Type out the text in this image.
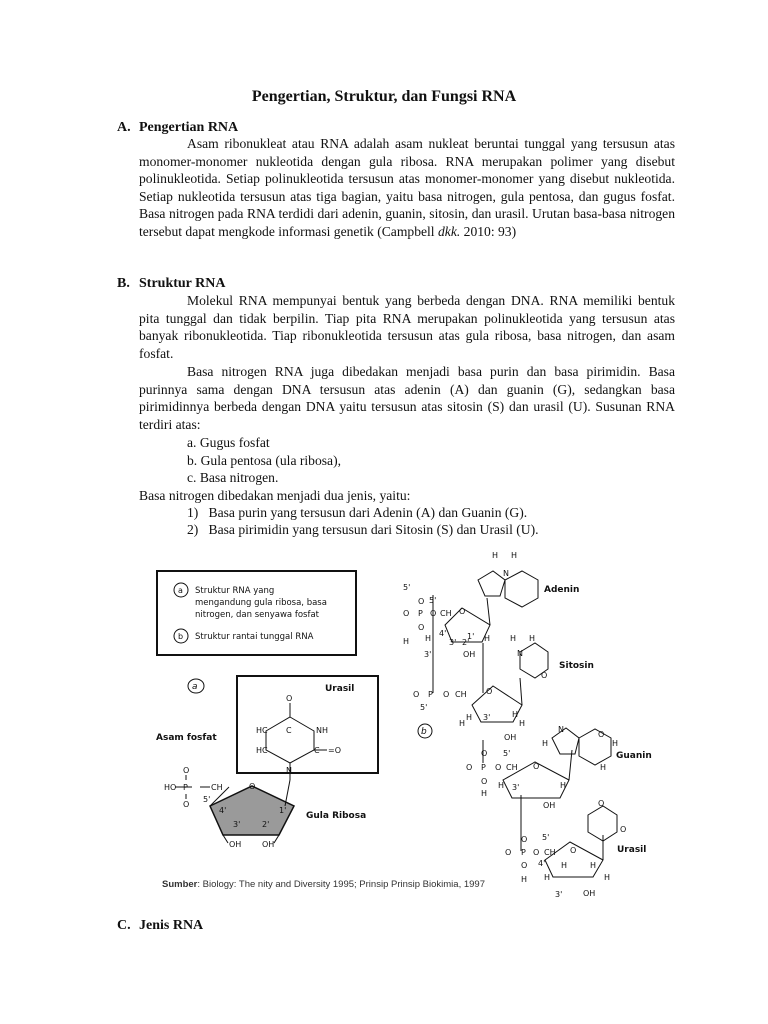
Pengertian, Struktur, dan Fungsi RNA
A. Pengertian RNA
Asam ribonukleat atau RNA adalah asam nukleat beruntai tunggal yang tersusun atas monomer-monomer nukleotida dengan gula ribosa. RNA merupakan polimer yang disebut polinukleotida. Setiap polinukleotida tersusun atas monomer-monomer yang disebut nukleotida. Setiap nukleotida tersusun atas tiga bagian, yaitu basa nitrogen, gula pentosa, dan gugus fosfat. Basa nitrogen pada RNA terdidi dari adenin, guanin, sitosin, dan urasil. Urutan basa-basa nitrogen tersebut dapat mengkode informasi genetik (Campbell dkk. 2010: 93)
B. Struktur RNA
Molekul RNA mempunyai bentuk yang berbeda dengan DNA. RNA memiliki bentuk pita tunggal dan tidak berpilin. Tiap pita RNA merupakan polinukleotida yang tersusun atas banyak ribonukleotida. Tiap ribonukleotida tersusun atas gula ribosa, basa nitrogen, dan asam fosfat.
Basa nitrogen RNA juga dibedakan menjadi basa purin dan basa pirimidin. Basa purinnya sama dengan DNA tersusun atas adenin (A) dan guanin (G), sedangkan basa pirimidinnya berbeda dengan DNA yaitu tersusun atas sitosin (S) dan urasil (U). Susunan RNA terdiri atas:
a. Gugus fosfat
b. Gula pentosa (ula ribosa),
c. Basa nitrogen.
Basa nitrogen dibedakan menjadi dua jenis, yaitu:
1) Basa purin yang tersusun dari Adenin (A) dan Guanin (G).
2) Basa pirimidin yang tersusun dari Sitosin (S) dan Urasil (U).
Struktur RNA yang
mengandung gula ribosa, basa
nitrogen, dan senyawa fosfat
Struktur rantai tunggal RNA
a
b
a
b
Urasil
Asam fosfat
Gula Ribosa
Adenin
Sitosin
Guanin
Urasil
O
HC	NH
HC	C =O
N
C
HO
O
P
O
CH	O
5'
4'	1'
3'	2'
OH	OH
H H
N
5'
5'
O P O CH O
O
O
H H
4'	1'
3' 2' H
3'	OH
H H
N
O
O P O CH O
5'
H 3'	H
H	H
OH
N
H
O
H
H
5'
O P O CH O
O
O
H
H 3'	H
OH	O
O
5'
O P O CH O
O
O
H
4' H	H
H	H
3'	OH
Sumber: Biology: The nity and Diversity 1995; Prinsip Prinsip Biokimia, 1997
C. Jenis RNA
